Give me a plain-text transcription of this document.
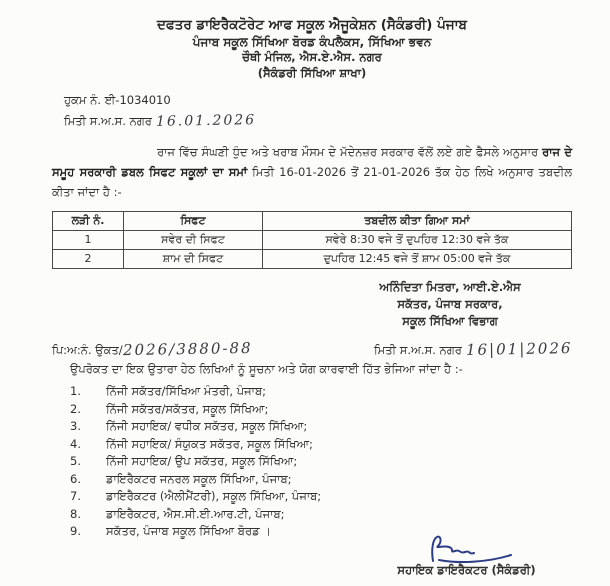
ਦਫਤਰ ਡਾਇਰੈਕਟੋਰੇਟ ਆਫ ਸਕੂਲ ਐਜੂਕੇਸ਼ਨ (ਸੈਕੰਡਰੀ) ਪੰਜਾਬ
ਪੰਜਾਬ ਸਕੂਲ ਸਿੱਖਿਆ ਬੋਰਡ ਕੰਪਲੈਕਸ, ਸਿੱਖਿਆ ਭਵਨ
ਚੌਥੀ ਮੰਜਿਲ, ਐਸ.ਏ.ਐਸ. ਨਗਰ
(ਸੈਕੰਡਰੀ ਸਿੱਖਿਆ ਸ਼ਾਖਾ)
ਹੁਕਮ ਨੰ. ਈ-1034010
ਮਿਤੀ ਸ.ਅ.ਸ. ਨਗਰ 16.01.2026
ਰਾਜ ਵਿੱਚ ਸੰਘਣੀ ਧੁੰਦ ਅਤੇ ਖਰਾਬ ਮੌਸਮ ਦੇ ਮੱਦੇਨਜ਼ਰ ਸਰਕਾਰ ਵੱਲੋਂ ਲਏ ਗਏ ਫੈਸਲੇ ਅਨੁਸਾਰ ਰਾਜ ਦੇ ਸਮੂਹ ਸਰਕਾਰੀ ਡਬਲ ਸਿਫਟ ਸਕੂਲਾਂ ਦਾ ਸਮਾਂ ਮਿਤੀ 16-01-2026 ਤੋਂ 21-01-2026 ਤੱਕ ਹੇਠ ਲਿਖੇ ਅਨੁਸਾਰ ਤਬਦੀਲ ਕੀਤਾ ਜਾਂਦਾ ਹੈ :-
ਲੜੀ ਨੰ.	ਸਿਫਟ	ਤਬਦੀਲ ਕੀਤਾ ਗਿਆ ਸਮਾਂ
1	ਸਵੇਰ ਦੀ ਸਿਫਟ	ਸਵੇਰੇ 8:30 ਵਜੇ ਤੋਂ ਦੁਪਹਿਰ 12:30 ਵਜੇ ਤੱਕ
2	ਸ਼ਾਮ ਦੀ ਸਿਫਟ	ਦੁਪਹਿਰ 12:45 ਵਜੇ ਤੋਂ ਸ਼ਾਮ 05:00 ਵਜੇ ਤੱਕ
ਅਨਿੰਦਿਤਾ ਮਿਤਰਾ, ਆਈ.ਏ.ਐਸ
ਸਕੱਤਰ, ਪੰਜਾਬ ਸਰਕਾਰ,
ਸਕੂਲ ਸਿੱਖਿਆ ਵਿਭਾਗ
ਪਿ:ਅ:ਨੰ. ਉਕਤ/2026/3880-88	ਮਿਤੀ ਸ.ਅ.ਸ. ਨਗਰ 16|01|2026
ਉਪਰੋਕਤ ਦਾ ਇਕ ਉਤਾਰਾ ਹੇਠ ਲਿਖਿਆਂ ਨੂੰ ਸੂਚਨਾ ਅਤੇ ਯੋਗ ਕਾਰਵਾਈ ਹਿੱਤ ਭੇਜਿਆ ਜਾਂਦਾ ਹੈ :-
1.	ਨਿੱਜੀ ਸਕੱਤਰ/ਸਿੱਖਿਆ ਮੰਤਰੀ, ਪੰਜਾਬ;
2.	ਨਿੱਜੀ ਸਕੱਤਰ/ਸਕੱਤਰ, ਸਕੂਲ ਸਿੱਖਿਆ;
3.	ਨਿੱਜੀ ਸਹਾਇਕ/ ਵਧੀਕ ਸਕੱਤਰ, ਸਕੂਲ ਸਿੱਖਿਆ;
4.	ਨਿੱਜੀ ਸਹਾਇਕ/ ਸੰਯੁਕਤ ਸਕੱਤਰ, ਸਕੂਲ ਸਿੱਖਿਆ;
5.	ਨਿੱਜੀ ਸਹਾਇਕ/ ਉਪ ਸਕੱਤਰ, ਸਕੂਲ ਸਿੱਖਿਆ;
6.	ਡਾਇਰੈਕਟਰ ਜਨਰਲ ਸਕੂਲ ਸਿੱਖਿਆ, ਪੰਜਾਬ;
7.	ਡਾਇਰੈਕਟਰ (ਐਲੀਮੈਂਟਰੀ), ਸਕੂਲ ਸਿੱਖਿਆ, ਪੰਜਾਬ;
8.	ਡਾਇਰੈਕਟਰ, ਐਸ.ਸੀ.ਈ.ਆਰ.ਟੀ, ਪੰਜਾਬ;
9.	ਸਕੱਤਰ, ਪੰਜਾਬ ਸਕੂਲ ਸਿੱਖਿਆ ਬੋਰਡ ।
ਸਹਾਇਕ ਡਾਇਰੈਕਟਰ (ਸੈਕੰਡਰੀ)
